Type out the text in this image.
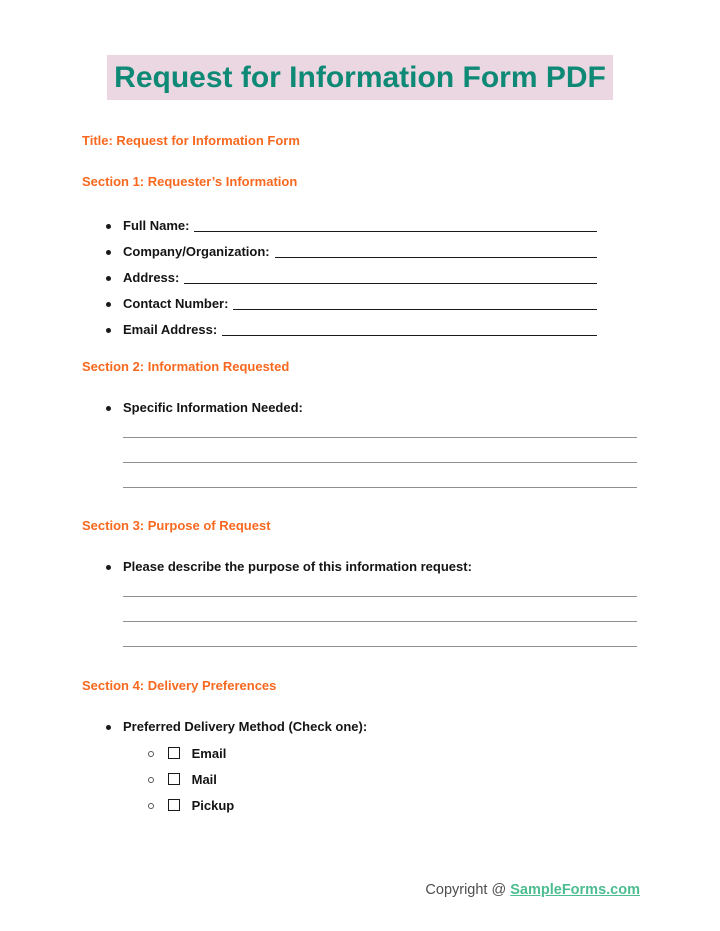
Request for Information Form PDF
Title: Request for Information Form
Section 1: Requester’s Information
Full Name:
Company/Organization:
Address:
Contact Number:
Email Address:
Section 2: Information Requested
Specific Information Needed:
Section 3: Purpose of Request
Please describe the purpose of this information request:
Section 4: Delivery Preferences
Preferred Delivery Method (Check one):
Email
Mail
Pickup
Copyright @ SampleForms.com
